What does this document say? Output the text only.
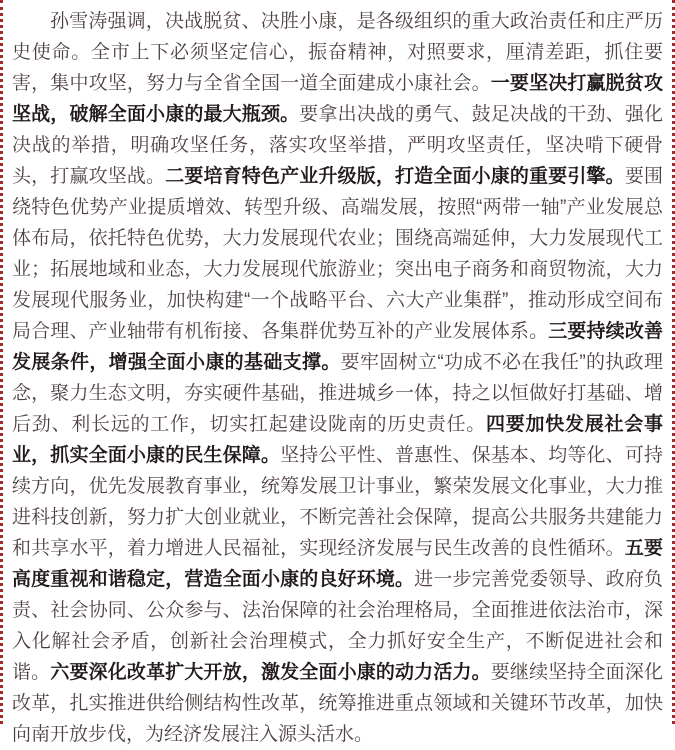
孙雪涛强调，决战脱贫、决胜小康，是各级组织的重大政治责任和庄严历史使命。全市上下必须坚定信心，振奋精神，对照要求，厘清差距，抓住要害，集中攻坚，努力与全省全国一道全面建成小康社会。一要坚决打赢脱贫攻坚战，破解全面小康的最大瓶颈。要拿出决战的勇气、鼓足决战的干劲、强化决战的举措，明确攻坚任务，落实攻坚举措，严明攻坚责任，坚决啃下硬骨头，打赢攻坚战。二要培育特色产业升级版，打造全面小康的重要引擎。要围绕特色优势产业提质增效、转型升级、高端发展，按照“两带一轴”产业发展总体布局，依托特色优势，大力发展现代农业；围绕高端延伸，大力发展现代工业；拓展地域和业态，大力发展现代旅游业；突出电子商务和商贸物流，大力发展现代服务业，加快构建“一个战略平台、六大产业集群”，推动形成空间布局合理、产业轴带有机衔接、各集群优势互补的产业发展体系。三要持续改善发展条件，增强全面小康的基础支撑。要牢固树立“功成不必在我任”的执政理念，聚力生态文明，夯实硬件基础，推进城乡一体，持之以恒做好打基础、增后劲、利长远的工作，切实扛起建设陇南的历史责任。四要加快发展社会事业，抓实全面小康的民生保障。坚持公平性、普惠性、保基本、均等化、可持续方向，优先发展教育事业，统筹发展卫计事业，繁荣发展文化事业，大力推进科技创新，努力扩大创业就业，不断完善社会保障，提高公共服务共建能力和共享水平，着力增进人民福祉，实现经济发展与民生改善的良性循环。五要高度重视和谐稳定，营造全面小康的良好环境。进一步完善党委领导、政府负责、社会协同、公众参与、法治保障的社会治理格局，全面推进依法治市，深入化解社会矛盾，创新社会治理模式，全力抓好安全生产，不断促进社会和谐。六要深化改革扩大开放，激发全面小康的动力活力。要继续坚持全面深化改革，扎实推进供给侧结构性改革，统筹推进重点领域和关键环节改革，加快向南开放步伐，为经济发展注入源头活水。
